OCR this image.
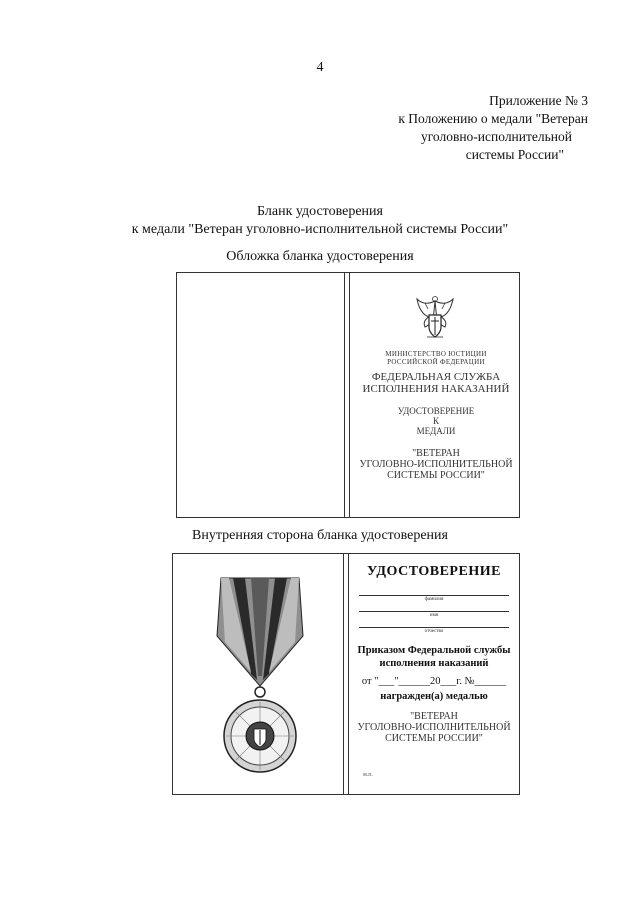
4
Приложение № 3
к Положению о медали "Ветеран
уголовно-исполнительной
системы России"
Бланк удостоверения
к медали "Ветеран уголовно-исполнительной системы России"
Обложка бланка удостоверения
МИНИСТЕРСТВО ЮСТИЦИИ
РОССИЙСКОЙ ФЕДЕРАЦИИ
ФЕДЕРАЛЬНАЯ СЛУЖБА
ИСПОЛНЕНИЯ НАКАЗАНИЙ
УДОСТОВЕРЕНИЕ
К
МЕДАЛИ
"ВЕТЕРАН
УГОЛОВНО-ИСПОЛНИТЕЛЬНОЙ
СИСТЕМЫ РОССИИ"
Внутренняя сторона бланка удостоверения
УДОСТОВЕРЕНИЕ
фамилия
имя
отчество
Приказом Федеральной службы
исполнения наказаний
от "___"______20___г. №______
награжден(а) медалью
"ВЕТЕРАН
УГОЛОВНО-ИСПОЛНИТЕЛЬНОЙ
СИСТЕМЫ РОССИИ"
м.п.
